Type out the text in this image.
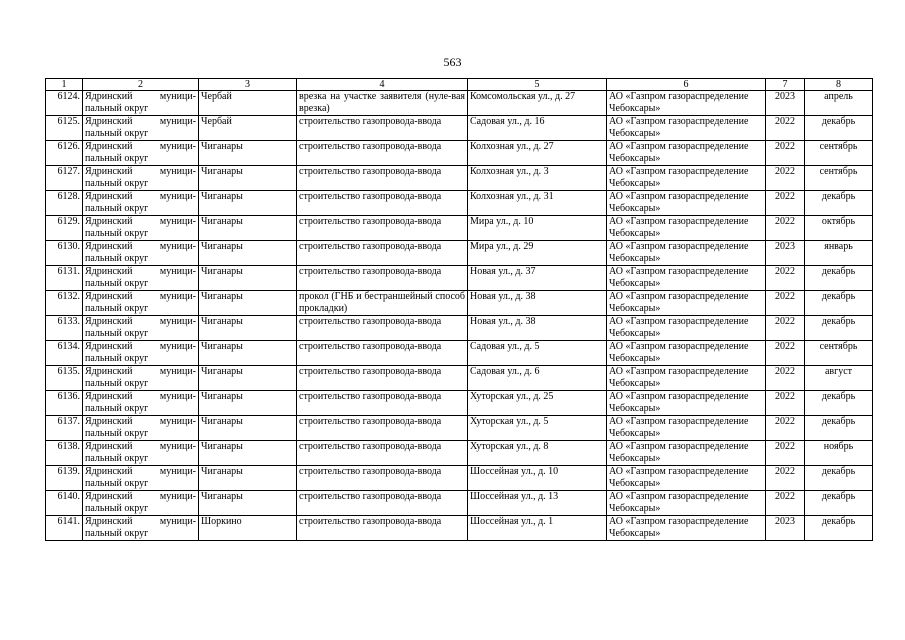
563
1	2	3	4	5	6	7	8
6124.	Ядринский муници-пальный округ	Чербай	врезка на участке заявителя (нуле-вая врезка)	Комсомольская ул., д. 27	АО «Газпром газораспределение Чебоксары»	2023	апрель
6125.	Ядринский муници-пальный округ	Чербай	строительство газопровода-ввода	Садовая ул., д. 16	АО «Газпром газораспределение Чебоксары»	2022	декабрь
6126.	Ядринский муници-пальный округ	Чиганары	строительство газопровода-ввода	Колхозная ул., д. 27	АО «Газпром газораспределение Чебоксары»	2022	сентябрь
6127.	Ядринский муници-пальный округ	Чиганары	строительство газопровода-ввода	Колхозная ул., д. 3	АО «Газпром газораспределение Чебоксары»	2022	сентябрь
6128.	Ядринский муници-пальный округ	Чиганары	строительство газопровода-ввода	Колхозная ул., д. 31	АО «Газпром газораспределение Чебоксары»	2022	декабрь
6129.	Ядринский муници-пальный округ	Чиганары	строительство газопровода-ввода	Мира ул., д. 10	АО «Газпром газораспределение Чебоксары»	2022	октябрь
6130.	Ядринский муници-пальный округ	Чиганары	строительство газопровода-ввода	Мира ул., д. 29	АО «Газпром газораспределение Чебоксары»	2023	январь
6131.	Ядринский муници-пальный округ	Чиганары	строительство газопровода-ввода	Новая ул., д. 37	АО «Газпром газораспределение Чебоксары»	2022	декабрь
6132.	Ядринский муници-пальный округ	Чиганары	прокол (ГНБ и бестраншейный способ прокладки)	Новая ул., д. 38	АО «Газпром газораспределение Чебоксары»	2022	декабрь
6133.	Ядринский муници-пальный округ	Чиганары	строительство газопровода-ввода	Новая ул., д. 38	АО «Газпром газораспределение Чебоксары»	2022	декабрь
6134.	Ядринский муници-пальный округ	Чиганары	строительство газопровода-ввода	Садовая ул., д. 5	АО «Газпром газораспределение Чебоксары»	2022	сентябрь
6135.	Ядринский муници-пальный округ	Чиганары	строительство газопровода-ввода	Садовая ул., д. 6	АО «Газпром газораспределение Чебоксары»	2022	август
6136.	Ядринский муници-пальный округ	Чиганары	строительство газопровода-ввода	Хуторская ул., д. 25	АО «Газпром газораспределение Чебоксары»	2022	декабрь
6137.	Ядринский муници-пальный округ	Чиганары	строительство газопровода-ввода	Хуторская ул., д. 5	АО «Газпром газораспределение Чебоксары»	2022	декабрь
6138.	Ядринский муници-пальный округ	Чиганары	строительство газопровода-ввода	Хуторская ул., д. 8	АО «Газпром газораспределение Чебоксары»	2022	ноябрь
6139.	Ядринский муници-пальный округ	Чиганары	строительство газопровода-ввода	Шоссейная ул., д. 10	АО «Газпром газораспределение Чебоксары»	2022	декабрь
6140.	Ядринский муници-пальный округ	Чиганары	строительство газопровода-ввода	Шоссейная ул., д. 13	АО «Газпром газораспределение Чебоксары»	2022	декабрь
6141.	Ядринский муници-пальный округ	Шоркино	строительство газопровода-ввода	Шоссейная ул., д. 1	АО «Газпром газораспределение Чебоксары»	2023	декабрь
